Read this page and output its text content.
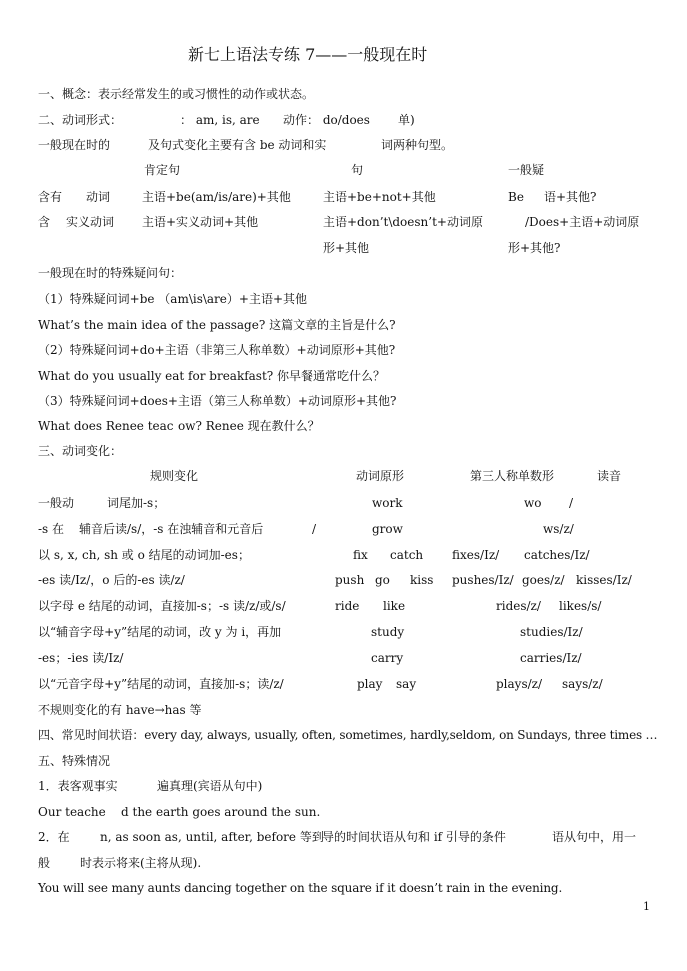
新七上语法专练 7——一般现在时
一、概念：表示经常发生的或习惯性的动作或状态。
二、动词形式：	： am, is, are 动作： do/does 单)
一般现在时的	及句式变化主要有含 be 动词和实	词两种句型。
肯定句	句	一般疑
含有 动词	主语+be(am/is/are)+其他	主语+be+not+其他	Be 语+其他?
含 实义动词 主语+实义动词+其他	主语+don’t\doesn’t+动词原	/Does+主语+动词原
形+其他	形+其他?
一般现在时的特殊疑问句：
（1）特殊疑问词+be （am\is\are）+主语+其他
What’s the main idea of the passage? 这篇文章的主旨是什么?
（2）特殊疑问词+do+主语（非第三人称单数）+动词原形+其他?
What do you usually eat for breakfast? 你早餐通常吃什么？
（3）特殊疑问词+does+主语（第三人称单数）+动词原形+其他?
What does Renee teac ow? Renee 现在教什么？
三、动词变化：
规则变化	动词原形	第三人称单数形	读音
一般动	词尾加-s；	work	wo /
-s 在 辅音后读/s/，-s 在浊辅音和元音后	/	grow	ws/z/
以 s, x, ch, sh 或 o 结尾的动词加-es；	fix catch fixes/Iz/ catches/Iz/
-es 读/Iz/，o 后的-es 读/z/	push go kiss pushes/Iz/ goes/z/ kisses/Iz/
以字母 e 结尾的动词，直接加-s；-s 读/z/或/s/	ride like	rides/z/ likes/s/
以“辅音字母+y”结尾的动词，改 y 为 i，再加	study	studies/Iz/
-es；-ies 读/Iz/	carry	carries/Iz/
以“元音字母+y”结尾的动词，直接加-s；读/z/	play say	plays/z/ says/z/
不规则变化的有 have→has 等
四、常见时间状语：every day, always, usually, often, sometimes, hardly,seldom, on Sundays, three times …
五、特殊情况
1．表客观事实	遍真理(宾语从句中)
Our teache d the earth goes around the sun.
2．在	n, as soon as, until, after, before 等到
导的时间状语从句和 if 引导的条件	语从句中，用一
般 时表示将来(主将从现).
You will see many aunts dancing together on the square if it doesn’t rain in the evening.
1
